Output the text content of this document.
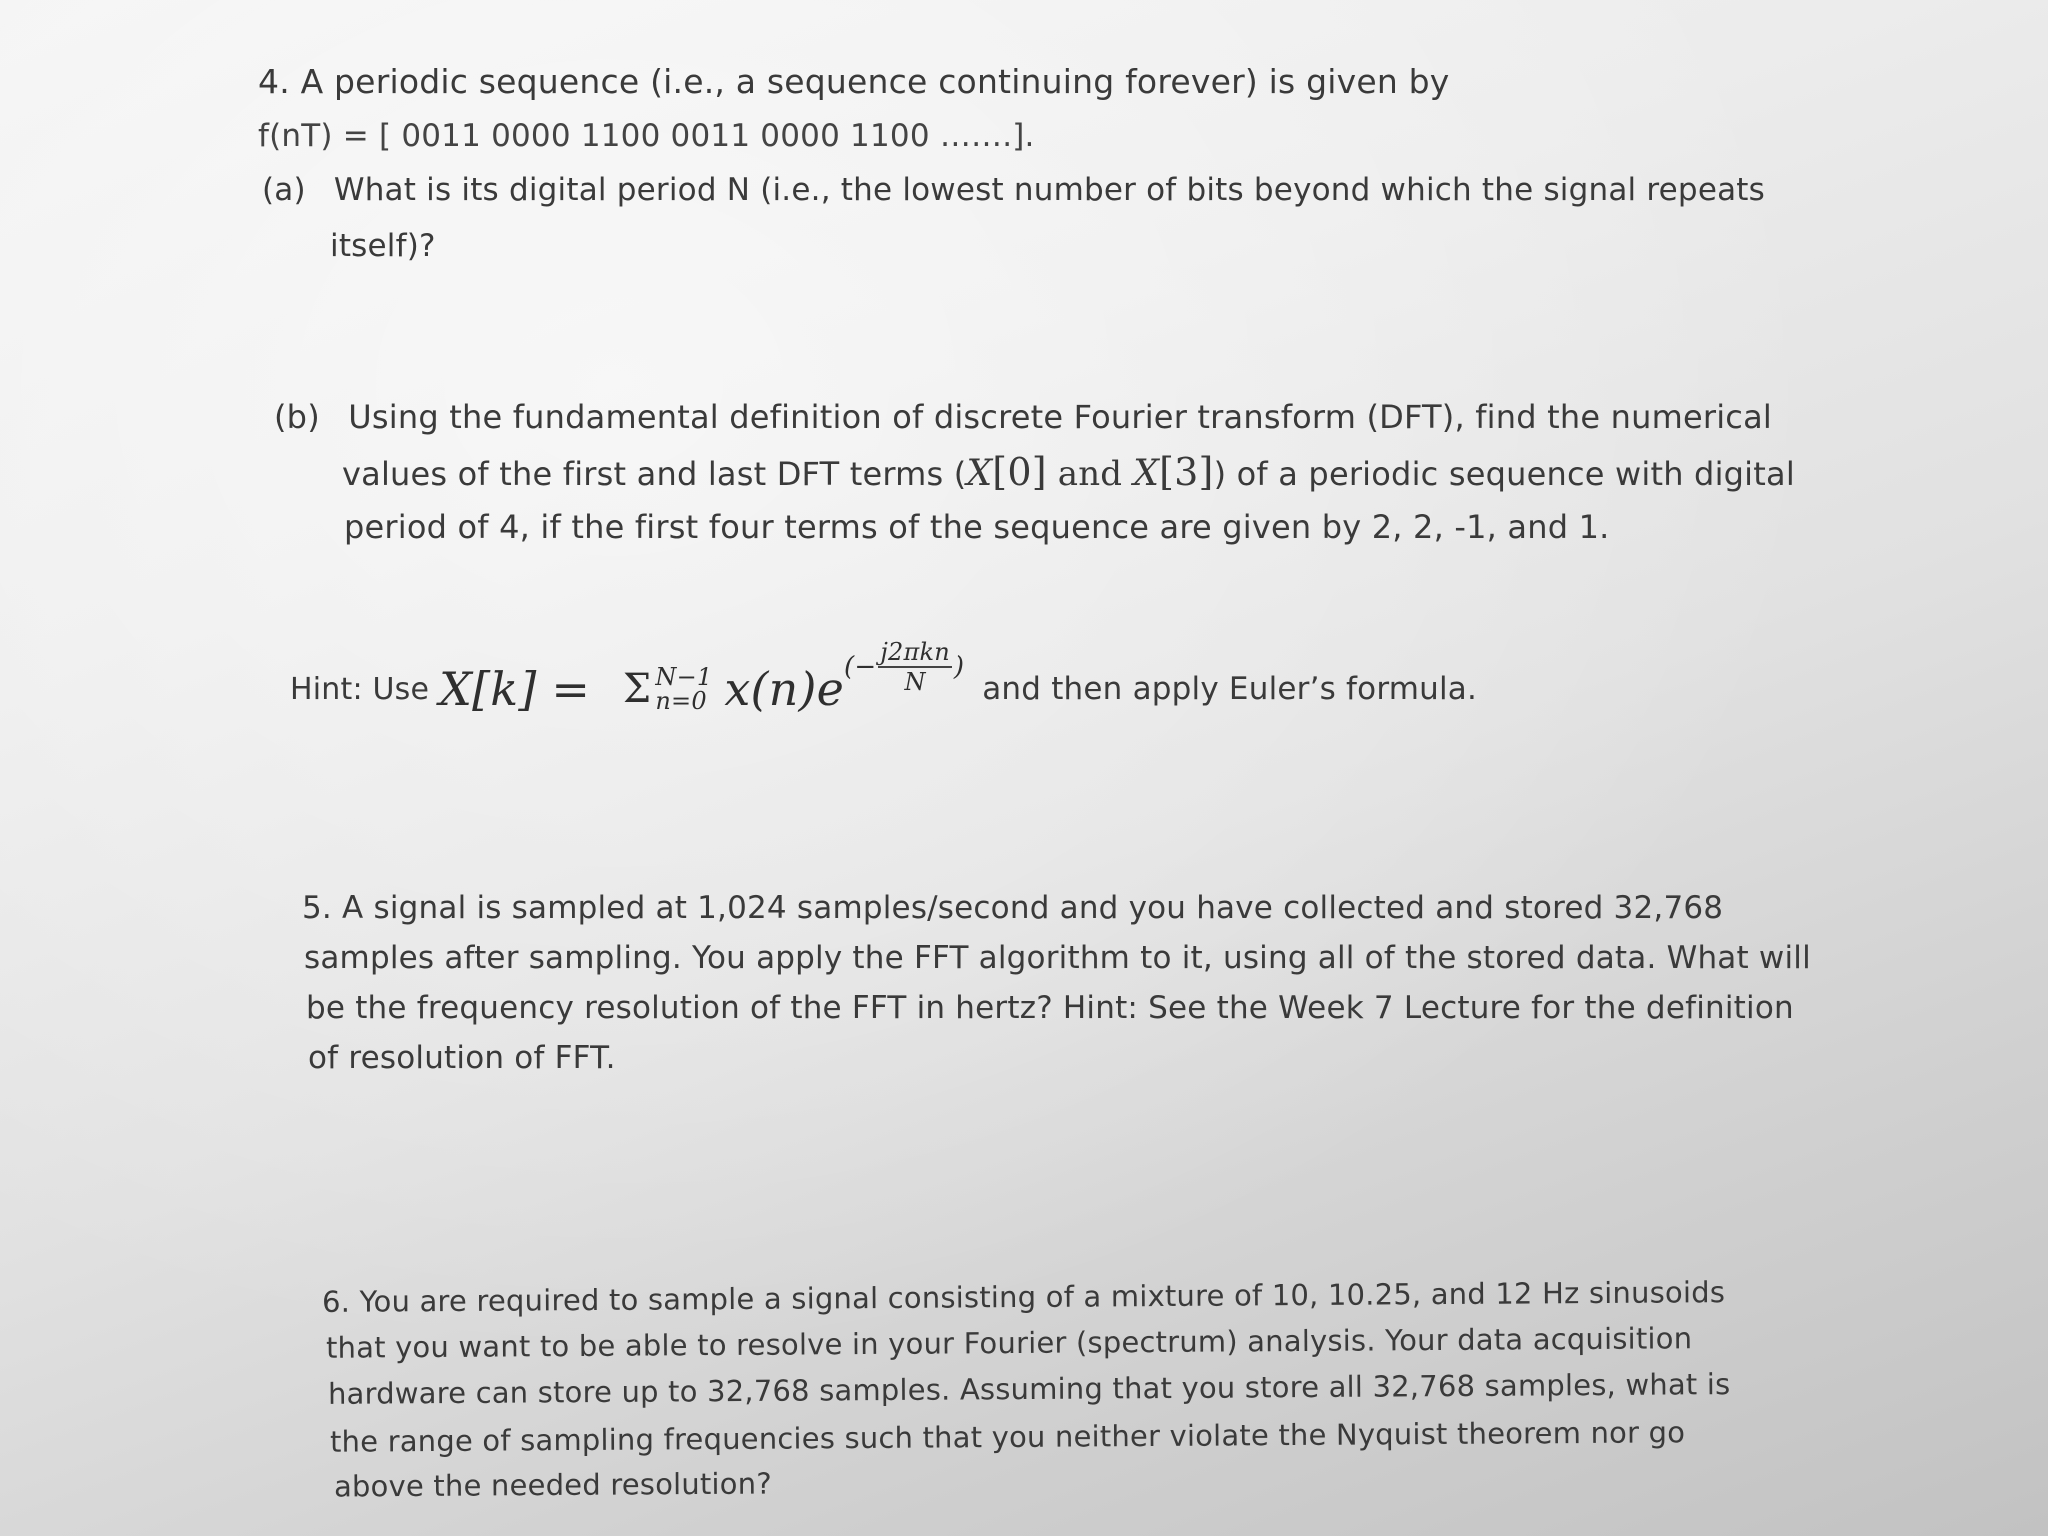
4. A periodic sequence (i.e., a sequence continuing forever) is given by
f(nT) = [ 0011 0000 1100 0011 0000 1100 …….].
(a) What is its digital period N (i.e., the lowest number of bits beyond which the signal repeats
itself)?
(b) Using the fundamental definition of discrete Fourier transform (DFT), find the numerical
values of the first and last DFT terms (X[0] and X[3]) of a periodic sequence with digital
period of 4, if the first four terms of the sequence are given by 2, 2, -1, and 1.
Hint: Use X [k] = Σ N−1
n=0 x(n)e (− $\frac{\text{j2πkn}}{N}$ )
and then apply Euler’s formula.
5. A signal is sampled at 1,024 samples/second and you have collected and stored 32,768
samples after sampling. You apply the FFT algorithm to it, using all of the stored data. What will
be the frequency resolution of the FFT in hertz? Hint: See the Week 7 Lecture for the definition
of resolution of FFT.
6. You are required to sample a signal consisting of a mixture of 10, 10.25, and 12 Hz sinusoids
that you want to be able to resolve in your Fourier (spectrum) analysis. Your data acquisition
hardware can store up to 32,768 samples. Assuming that you store all 32,768 samples, what is
the range of sampling frequencies such that you neither violate the Nyquist theorem nor go
above the needed resolution?
